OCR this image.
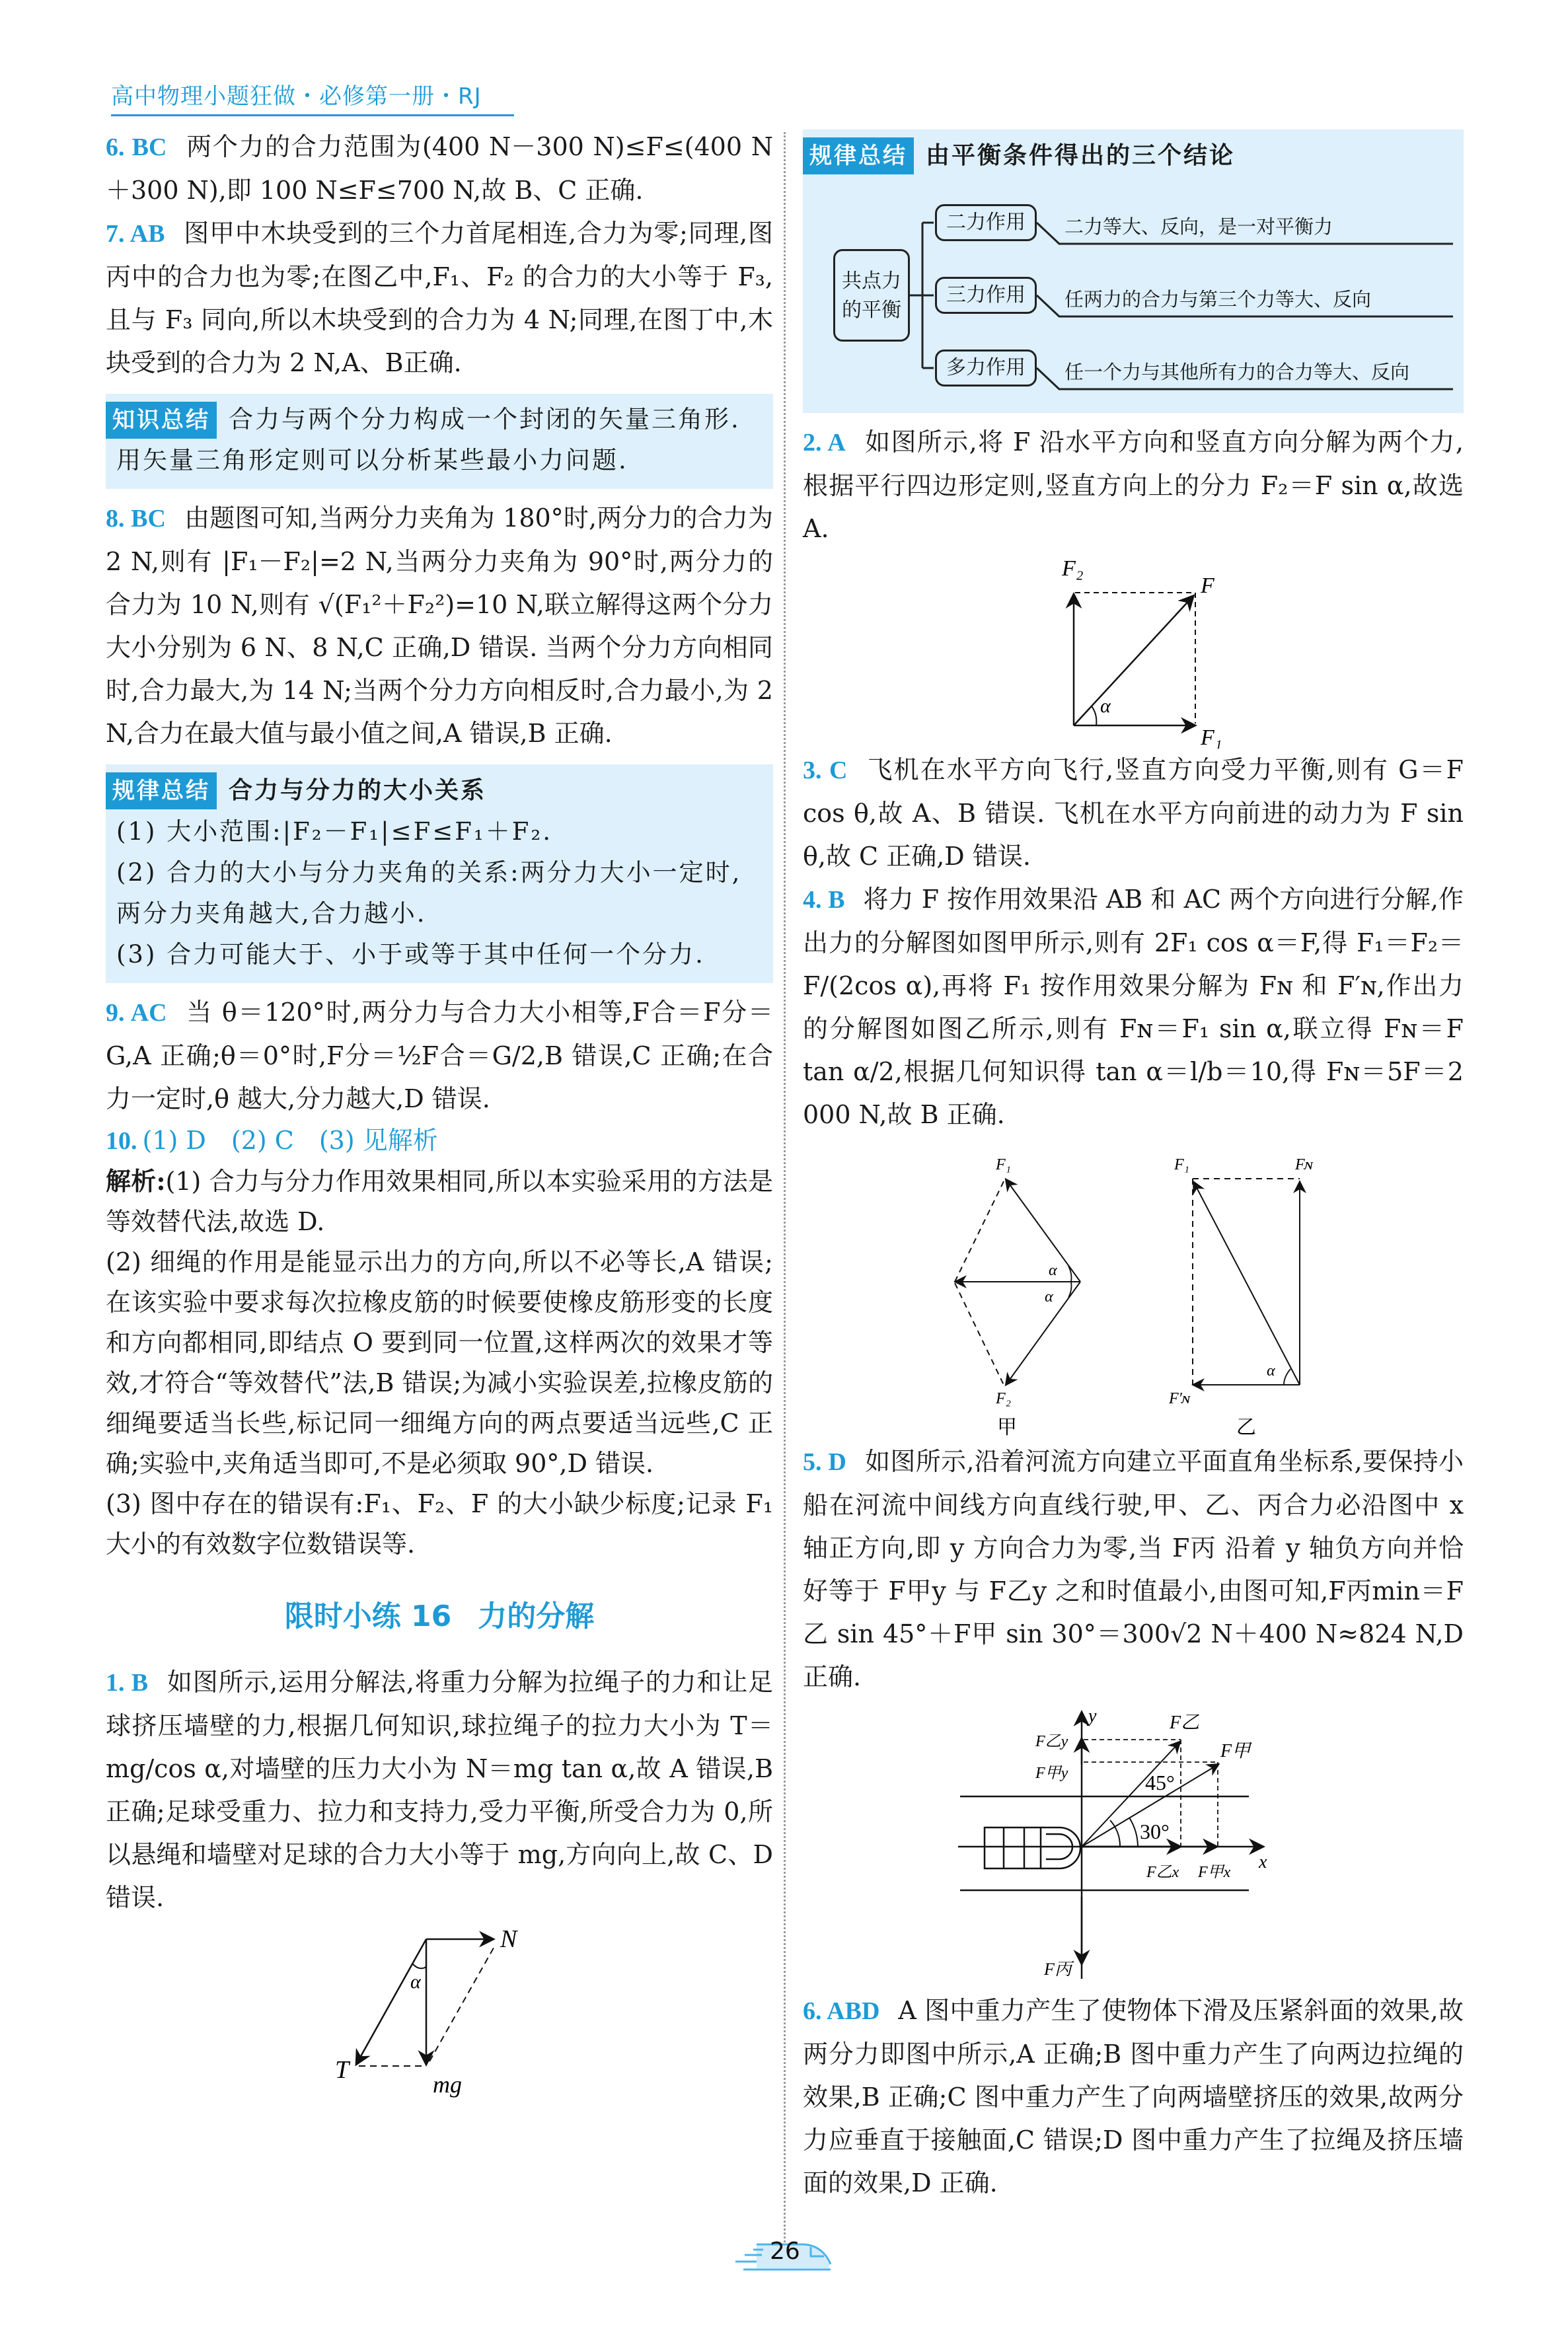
高中物理小题狂做・必修第一册・RJ

6. BC 两个力的合力范围为(400 N－300 N)≤F≤(400 N＋300 N),即 100 N≤F≤700 N,故 B、C 正确.

7. AB 图甲中木块受到的三个力首尾相连,合力为零;同理,图丙中的合力也为零;在图乙中,F₁、F₂ 的合力的大小等于 F₃,且与 F₃ 同向,所以木块受到的合力为 4 N;同理,在图丁中,木块受到的合力为 2 N,A、B正确.

知识总结 合力与两个分力构成一个封闭的矢量三角形. 用矢量三角形定则可以分析某些最小力问题.

8. BC 由题图可知,当两分力夹角为 180°时,两分力的合力为 2 N,则有 |F₁－F₂|=2 N,当两分力夹角为 90°时,两分力的合力为 10 N,则有 √(F₁²＋F₂²)=10 N,联立解得这两个分力大小分别为 6 N、8 N,C 正确,D 错误. 当两个分力方向相同时,合力最大,为 14 N;当两个分力方向相反时,合力最小,为 2 N,合力在最大值与最小值之间,A 错误,B 正确.

规律总结 合力与分力的大小关系

(1) 大小范围:|F₂－F₁|≤F≤F₁＋F₂.

(2) 合力的大小与分力夹角的关系:两分力大小一定时,两分力夹角越大,合力越小.

(3) 合力可能大于、小于或等于其中任何一个分力.

9. AC 当 θ＝120°时,两分力与合力大小相等,F合＝F分＝G,A 正确;θ＝0°时,F分＝½F合＝G/2,B 错误,C 正确;在合力一定时,θ 越大,分力越大,D 错误.

10. (1) D　(2) C　(3) 见解析

解析:(1) 合力与分力作用效果相同,所以本实验采用的方法是等效替代法,故选 D.

(2) 细绳的作用是能显示出力的方向,所以不必等长,A 错误;在该实验中要求每次拉橡皮筋的时候要使橡皮筋形变的长度和方向都相同,即结点 O 要到同一位置,这样两次的效果才等效,才符合“等效替代”法,B 错误;为减小实验误差,拉橡皮筋的细绳要适当长些,标记同一细绳方向的两点要适当远些,C 正确;实验中,夹角适当即可,不是必须取 90°,D 错误.

(3) 图中存在的错误有:F₁、F₂、F 的大小缺少标度;记录 F₁ 大小的有效数字位数错误等.

限时小练 16 力的分解

1. B 如图所示,运用分解法,将重力分解为拉绳子的力和让足球挤压墙壁的力,根据几何知识,球拉绳子的拉力大小为 T＝mg/cos α,对墙壁的压力大小为 N＝mg tan α,故 A 错误,B 正确;足球受重力、拉力和支持力,受力平衡,所受合力为 0,所以悬绳和墙壁对足球的合力大小等于 mg,方向向上,故 C、D 错误.

α
N
T
mg

规律总结 由平衡条件得出的三个结论

共点力的平衡
二力作用
三力作用
多力作用
二力等大、反向，是一对平衡力
任两力的合力与第三个力等大、反向
任一个力与其他所有力的合力等大、反向

2. A 如图所示,将 F 沿水平方向和竖直方向分解为两个力,根据平行四边形定则,竖直方向上的分力 F₂＝F sin α,故选 A.

α
F₂
F
F₁

3. C 飞机在水平方向飞行,竖直方向受力平衡,则有 G＝F cos θ,故 A、B 错误. 飞机在水平方向前进的动力为 F sin θ,故 C 正确,D 错误.

4. B 将力 F 按作用效果沿 AB 和 AC 两个方向进行分解,作出力的分解图如图甲所示,则有 2F₁ cos α＝F,得 F₁＝F₂＝F/(2cos α),再将 F₁ 按作用效果分解为 Fɴ 和 F′ɴ,作出力的分解图如图乙所示,则有 Fɴ＝F₁ sin α,联立得 Fɴ＝F tan α/2,根据几何知识得 tan α＝l/b＝10,得 Fɴ＝5F＝2 000 N,故 B 正确.

α
α
F₁
F₂
甲
α
F₁	Fɴ
F′ɴ
乙

5. D 如图所示,沿着河流方向建立平面直角坐标系,要保持小船在河流中间线方向直线行驶,甲、乙、丙合力必沿图中 x 轴正方向,即 y 方向合力为零,当 F丙 沿着 y 轴负方向并恰好等于 F甲y 与 F乙y 之和时值最小,由图可知,F丙min＝F乙 sin 45°＋F甲 sin 30°＝300√2 N＋400 N≈824 N,D 正确.

30°
45°
y
x
F乙
F甲
F乙y
F甲y
F乙x F甲x
F丙

6. ABD A 图中重力产生了使物体下滑及压紧斜面的效果,故两分力即图中所示,A 正确;B 图中重力产生了向两边拉绳的效果,B 正确;C 图中重力产生了向两墙壁挤压的效果,故两分力应垂直于接触面,C 错误;D 图中重力产生了拉绳及挤压墙面的效果,D 正确.

26
